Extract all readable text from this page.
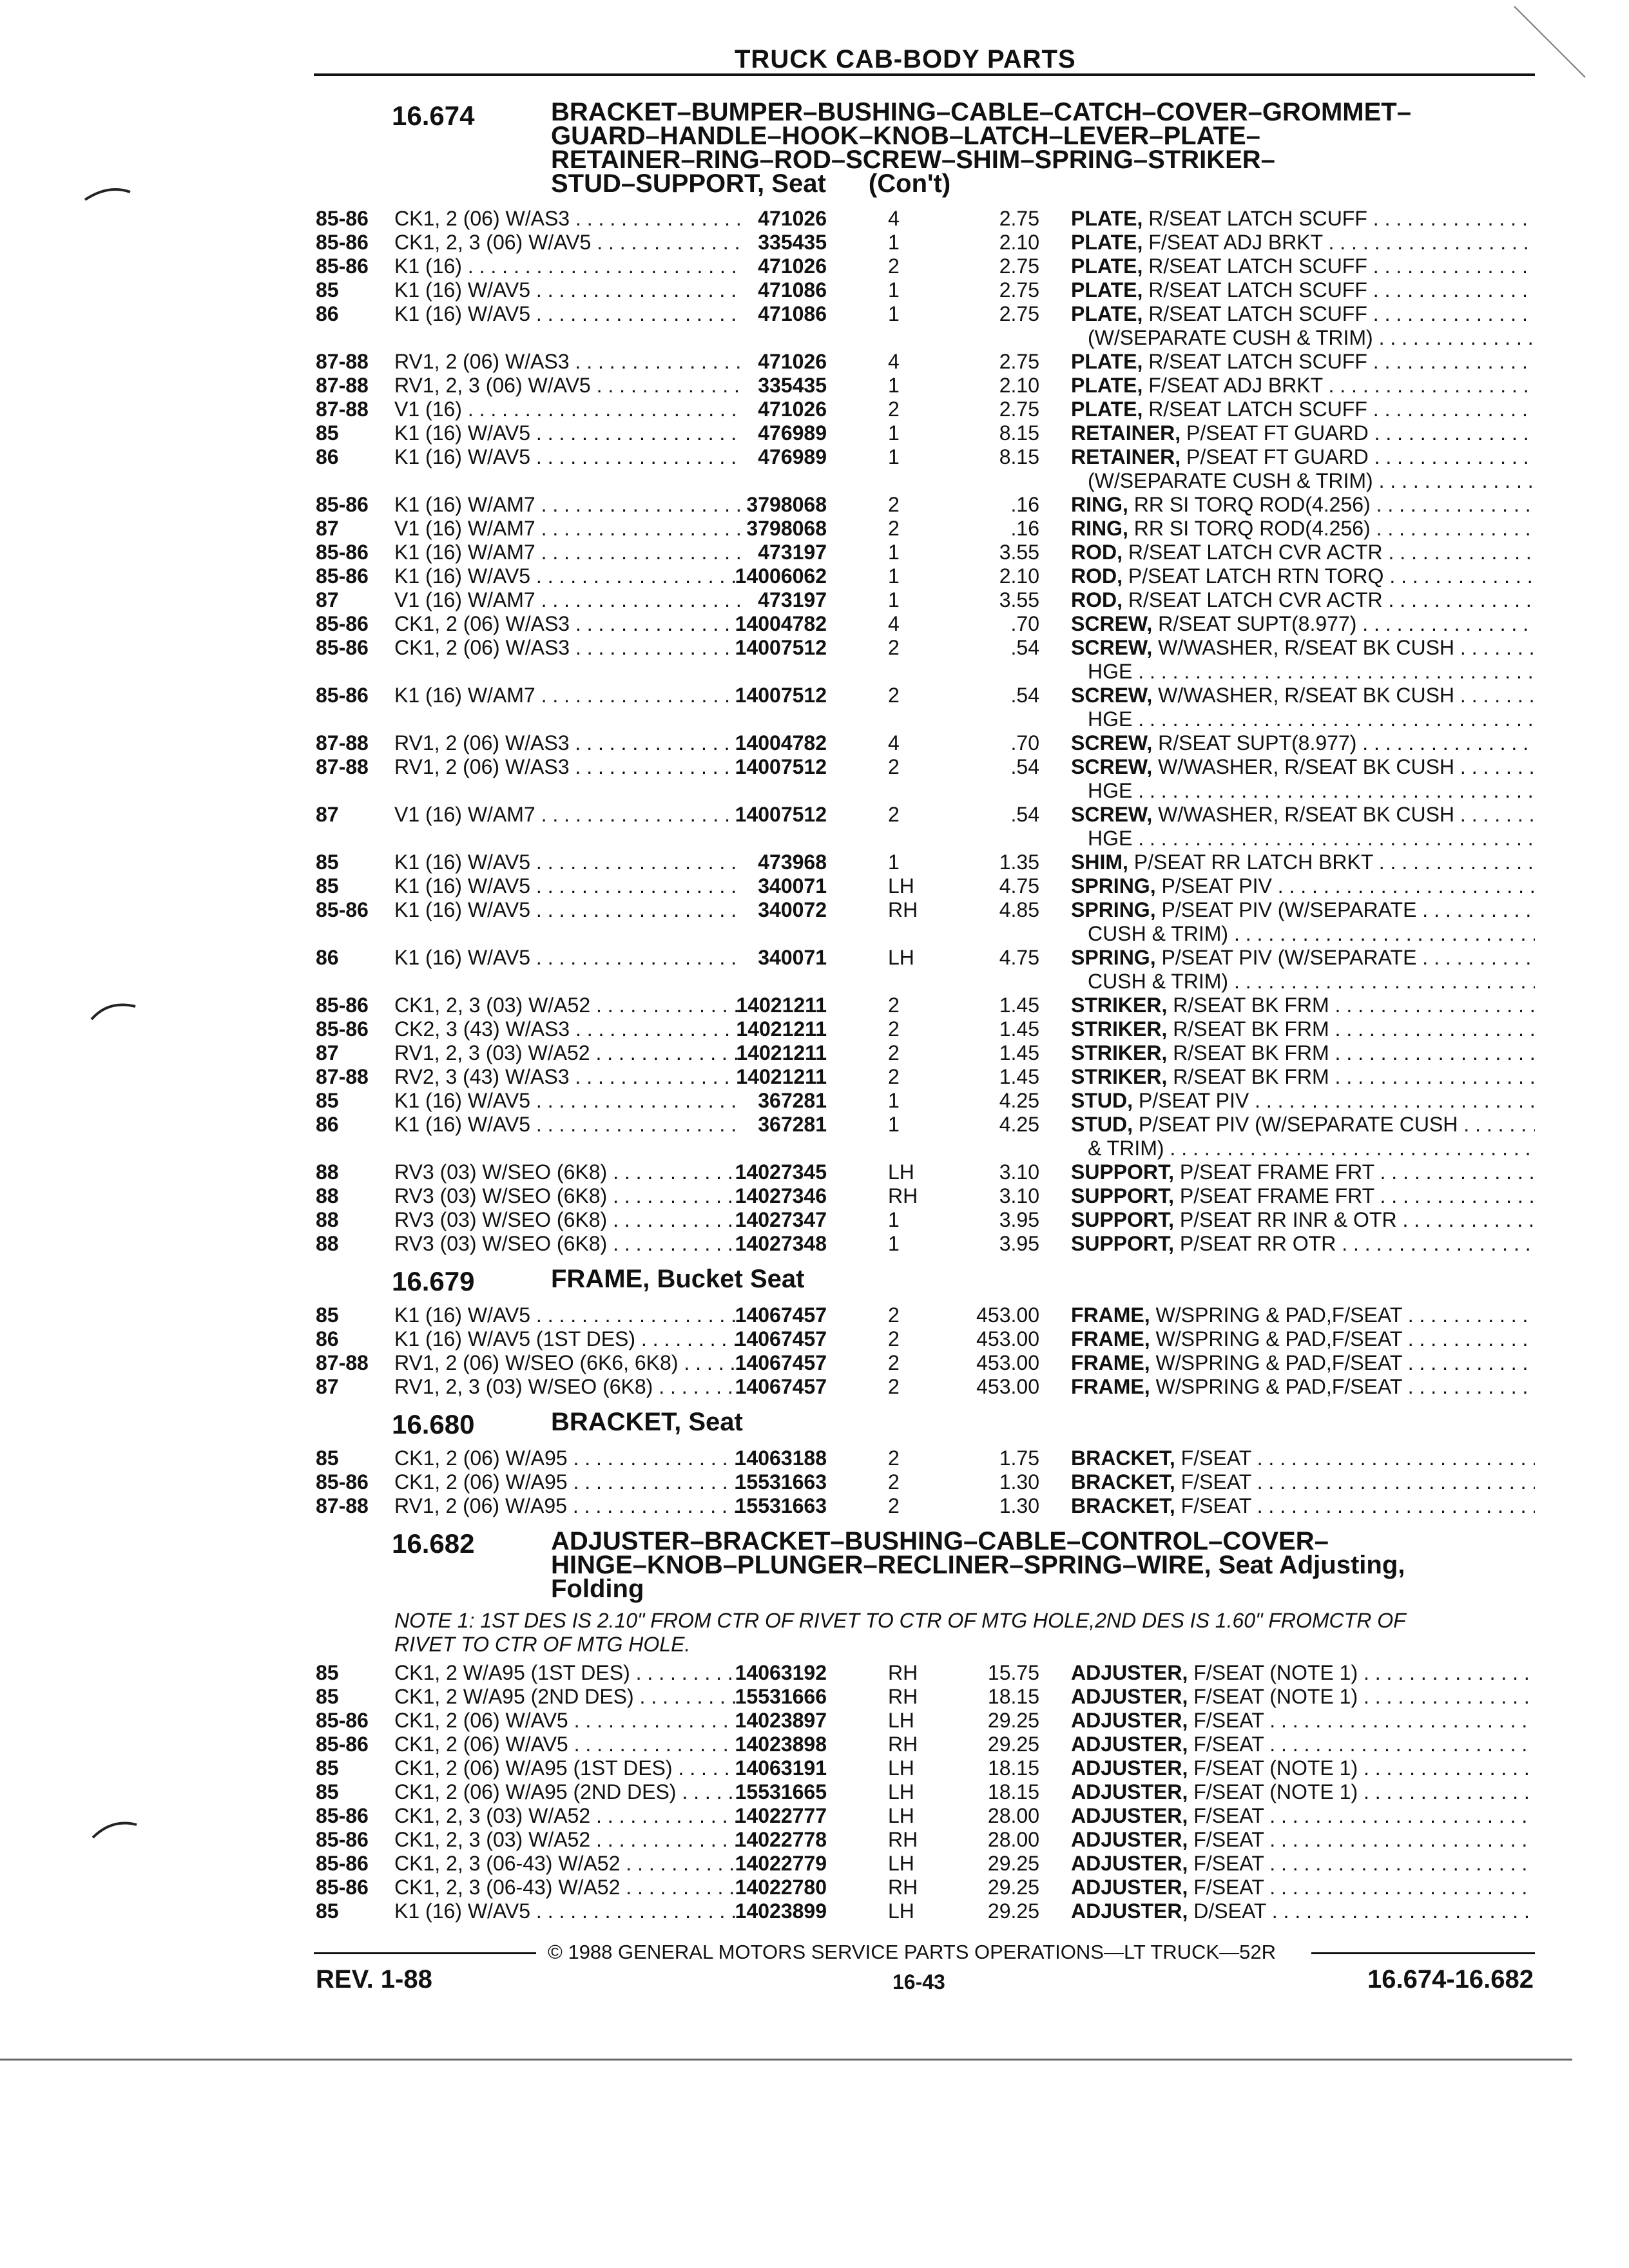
TRUCK CAB-BODY PARTS
16.674	BRACKET–BUMPER–BUSHING–CABLE–CATCH–COVER–GROMMET–
GUARD–HANDLE–HOOK–KNOB–LATCH–LEVER–PLATE–
RETAINER–RING–ROD–SCREW–SHIM–SPRING–STRIKER–
STUD–SUPPORT, Seat (Con't)
16.679	FRAME, Bucket Seat
16.680	BRACKET, Seat
16.682	ADJUSTER–BRACKET–BUSHING–CABLE–CONTROL–COVER–
HINGE–KNOB–PLUNGER–RECLINER–SPRING–WIRE, Seat Adjusting,
Folding
NOTE 1: 1ST DES IS 2.10" FROM CTR OF RIVET TO CTR OF MTG HOLE,2ND DES IS 1.60" FROMCTR OF
RIVET TO CTR OF MTG HOLE.
85-86	CK1, 2 (06) W/AS3 . . .	471026	4	2.75 PLATE, R/SEAT LATCH SCUFF . . .
85-86	CK1, 2, 3 (06) W/AV5 . . .	335435	1	2.10 PLATE, F/SEAT ADJ BRKT . . .
85-86	K1 (16) . . .	471026	2	2.75 PLATE, R/SEAT LATCH SCUFF . . .
85	K1 (16) W/AV5 . . .	471086	1	2.75 PLATE, R/SEAT LATCH SCUFF . . .
86	K1 (16) W/AV5 . . .	471086	1	2.75 PLATE, R/SEAT LATCH SCUFF . . .
(W/SEPARATE CUSH & TRIM) . . .
87-88	RV1, 2 (06) W/AS3 . . .	471026	4	2.75 PLATE, R/SEAT LATCH SCUFF . . .
87-88	RV1, 2, 3 (06) W/AV5 . . .	335435	1	2.10 PLATE, F/SEAT ADJ BRKT . . .
87-88	V1 (16) . . .	471026	2	2.75 PLATE, R/SEAT LATCH SCUFF . . .
85	K1 (16) W/AV5 . . .	476989	1	8.15 RETAINER, P/SEAT FT GUARD . . .
86	K1 (16) W/AV5 . . .	476989	1	8.15 RETAINER, P/SEAT FT GUARD . . .
(W/SEPARATE CUSH & TRIM) . . .
85-86	K1 (16) W/AM7 . . .	3798068	2	.16 RING, RR SI TORQ ROD(4.256) . . .
87	V1 (16) W/AM7 . . .	3798068	2	.16 RING, RR SI TORQ ROD(4.256) . . .
85-86	K1 (16) W/AM7 . . .	473197	1	3.55 ROD, R/SEAT LATCH CVR ACTR . . .
85-86	K1 (16) W/AV5 . . .	14006062	1	2.10 ROD, P/SEAT LATCH RTN TORQ . . .
87	V1 (16) W/AM7 . . .	473197	1	3.55 ROD, R/SEAT LATCH CVR ACTR . . .
85-86	CK1, 2 (06) W/AS3 . . .	14004782	4	.70 SCREW, R/SEAT SUPT(8.977) . . .
85-86	CK1, 2 (06) W/AS3 . . .	14007512	2	.54 SCREW, W/WASHER, R/SEAT BK CUSH . . .
HGE . . .
85-86	K1 (16) W/AM7 . . .	14007512	2	.54 SCREW, W/WASHER, R/SEAT BK CUSH . . .
HGE . . .
87-88	RV1, 2 (06) W/AS3 . . .	14004782	4	.70 SCREW, R/SEAT SUPT(8.977) . . .
87-88	RV1, 2 (06) W/AS3 . . .	14007512	2	.54 SCREW, W/WASHER, R/SEAT BK CUSH . . .
HGE . . .
87	V1 (16) W/AM7 . . .	14007512	2	.54 SCREW, W/WASHER, R/SEAT BK CUSH . . .
HGE . . .
85	K1 (16) W/AV5 . . .	473968	1	1.35 SHIM, P/SEAT RR LATCH BRKT . . .
85	K1 (16) W/AV5 . . .	340071	LH	4.75 SPRING, P/SEAT PIV . . .
85-86	K1 (16) W/AV5 . . .	340072	RH	4.85 SPRING, P/SEAT PIV (W/SEPARATE . . .
CUSH & TRIM) . . .
86	K1 (16) W/AV5 . . .	340071	LH	4.75 SPRING, P/SEAT PIV (W/SEPARATE . . .
CUSH & TRIM) . . .
85-86	CK1, 2, 3 (03) W/A52 . . .	14021211	2	1.45 STRIKER, R/SEAT BK FRM . . .
85-86	CK2, 3 (43) W/AS3 . . .	14021211	2	1.45 STRIKER, R/SEAT BK FRM . . .
87	RV1, 2, 3 (03) W/A52 . . .	14021211	2	1.45 STRIKER, R/SEAT BK FRM . . .
87-88	RV2, 3 (43) W/AS3 . . .	14021211	2	1.45 STRIKER, R/SEAT BK FRM . . .
85	K1 (16) W/AV5 . . .	367281	1	4.25 STUD, P/SEAT PIV . . .
86	K1 (16) W/AV5 . . .	367281	1	4.25 STUD, P/SEAT PIV (W/SEPARATE CUSH . . .
& TRIM) . . .
88	RV3 (03) W/SEO (6K8) . . .	14027345	LH	3.10 SUPPORT, P/SEAT FRAME FRT . . .
88	RV3 (03) W/SEO (6K8) . . .	14027346	RH	3.10 SUPPORT, P/SEAT FRAME FRT . . .
88	RV3 (03) W/SEO (6K8) . . .	14027347	1	3.95 SUPPORT, P/SEAT RR INR & OTR . . .
88	RV3 (03) W/SEO (6K8) . . .	14027348	1	3.95 SUPPORT, P/SEAT RR OTR . . .
85	K1 (16) W/AV5 . . .	14067457	2	453.00 FRAME, W/SPRING & PAD,F/SEAT . . .
86	K1 (16) W/AV5 (1ST DES) . . .	14067457	2	453.00 FRAME, W/SPRING & PAD,F/SEAT . . .
87-88	RV1, 2 (06) W/SEO (6K6, 6K8) . . .	14067457	2	453.00 FRAME, W/SPRING & PAD,F/SEAT . . .
87	RV1, 2, 3 (03) W/SEO (6K8) . . .	14067457	2	453.00 FRAME, W/SPRING & PAD,F/SEAT . . .
85	CK1, 2 (06) W/A95 . . .	14063188	2	1.75 BRACKET, F/SEAT . . .
85-86	CK1, 2 (06) W/A95 . . .	15531663	2	1.30 BRACKET, F/SEAT . . .
87-88	RV1, 2 (06) W/A95 . . .	15531663	2	1.30 BRACKET, F/SEAT . . .
85	CK1, 2 W/A95 (1ST DES) . . .	14063192	RH	15.75 ADJUSTER, F/SEAT (NOTE 1) . . .
85	CK1, 2 W/A95 (2ND DES) . . .	15531666	RH	18.15 ADJUSTER, F/SEAT (NOTE 1) . . .
85-86	CK1, 2 (06) W/AV5 . . .	14023897	LH	29.25 ADJUSTER, F/SEAT . . .
85-86	CK1, 2 (06) W/AV5 . . .	14023898	RH	29.25 ADJUSTER, F/SEAT . . .
85	CK1, 2 (06) W/A95 (1ST DES) . . .	14063191	LH	18.15 ADJUSTER, F/SEAT (NOTE 1) . . .
85	CK1, 2 (06) W/A95 (2ND DES) . . .	15531665	LH	18.15 ADJUSTER, F/SEAT (NOTE 1) . . .
85-86	CK1, 2, 3 (03) W/A52 . . .	14022777	LH	28.00 ADJUSTER, F/SEAT . . .
85-86	CK1, 2, 3 (03) W/A52 . . .	14022778	RH	28.00 ADJUSTER, F/SEAT . . .
85-86	CK1, 2, 3 (06-43) W/A52 . . .	14022779	LH	29.25 ADJUSTER, F/SEAT . . .
85-86	CK1, 2, 3 (06-43) W/A52 . . .	14022780	RH	29.25 ADJUSTER, F/SEAT . . .
85	K1 (16) W/AV5 . . .	14023899	LH	29.25 ADJUSTER, D/SEAT . . .
© 1988 GENERAL MOTORS SERVICE PARTS OPERATIONS—LT TRUCK—52R
REV. 1-88	16-43	16.674-16.682
